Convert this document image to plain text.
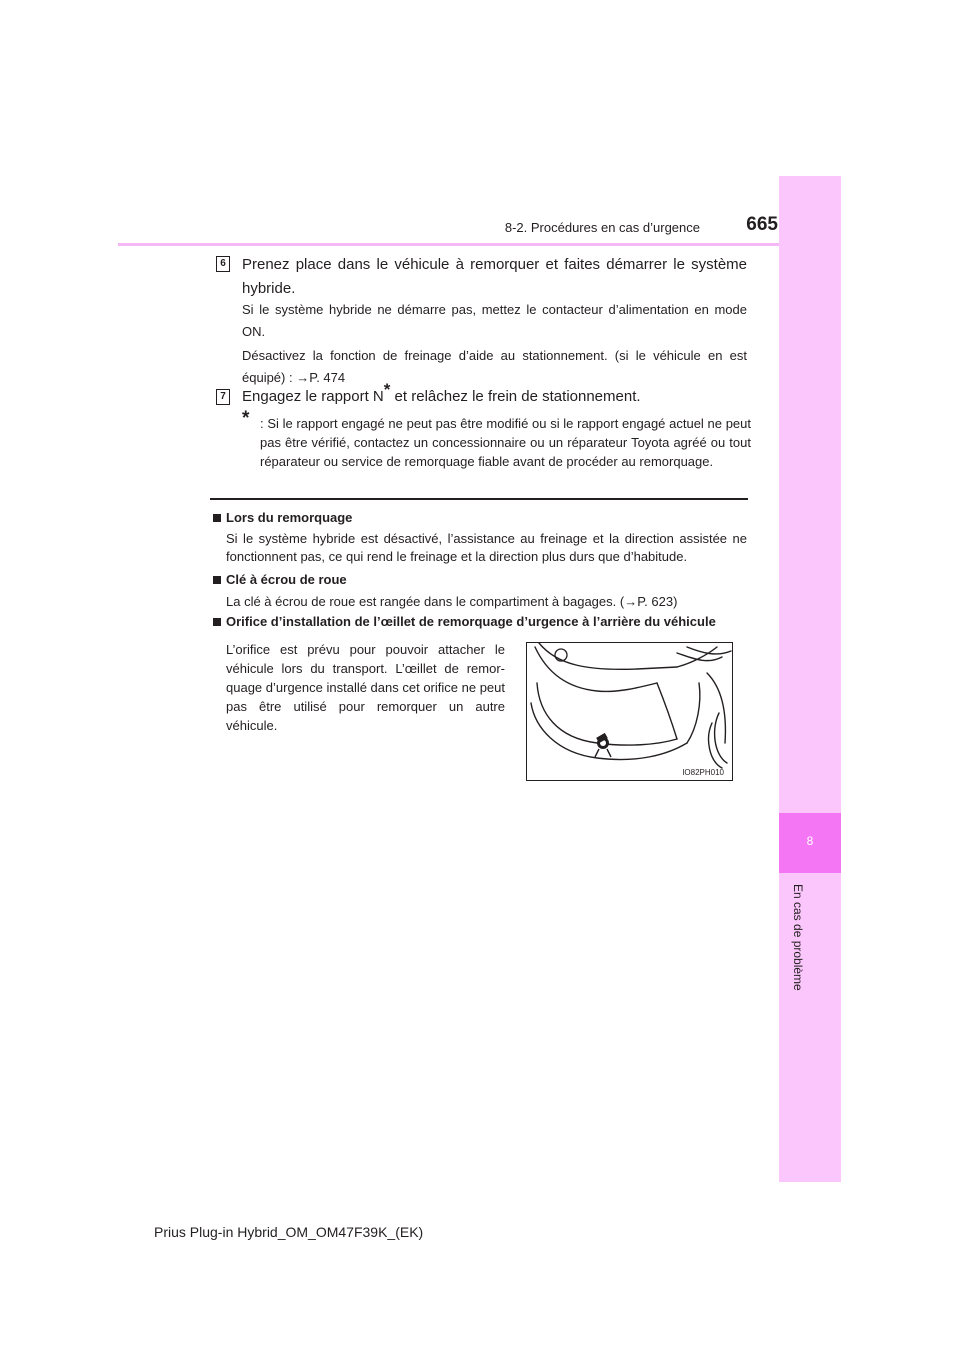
8-2. Procédures en cas d’urgence	665
8
En cas de problème
6 Prenez place dans le véhicule à remorquer et faites démarrer le système hybride.
Si le système hybride ne démarre pas, mettez le contacteur d’alimentation en mode ON.
Désactivez la fonction de freinage d’aide au stationnement. (si le véhicule en est équipé) : →P. 474
7 Engagez le rapport N* et relâchez le frein de stationnement.
* : Si le rapport engagé ne peut pas être modifié ou si le rapport engagé actuel ne peut pas être vérifié, contactez un concessionnaire ou un réparateur Toyota agréé ou tout réparateur ou service de remorquage fiable avant de procéder au remorquage.
Lors du remorquage
Si le système hybride est désactivé, l’assistance au freinage et la direction assistée ne fonctionnent pas, ce qui rend le freinage et la direction plus durs que d’habitude.
Clé à écrou de roue
La clé à écrou de roue est rangée dans le compartiment à bagages. (→P. 623)
Orifice d’installation de l’œillet de remorquage d’urgence à l’arrière du véhicule
L’orifice est prévu pour pouvoir attacher le véhicule lors du transport. L’œillet de remor-quage d’urgence installé dans cet orifice ne peut pas être utilisé pour remorquer un autre véhicule.
IO82PH010
Prius Plug-in Hybrid_OM_OM47F39K_(EK)
